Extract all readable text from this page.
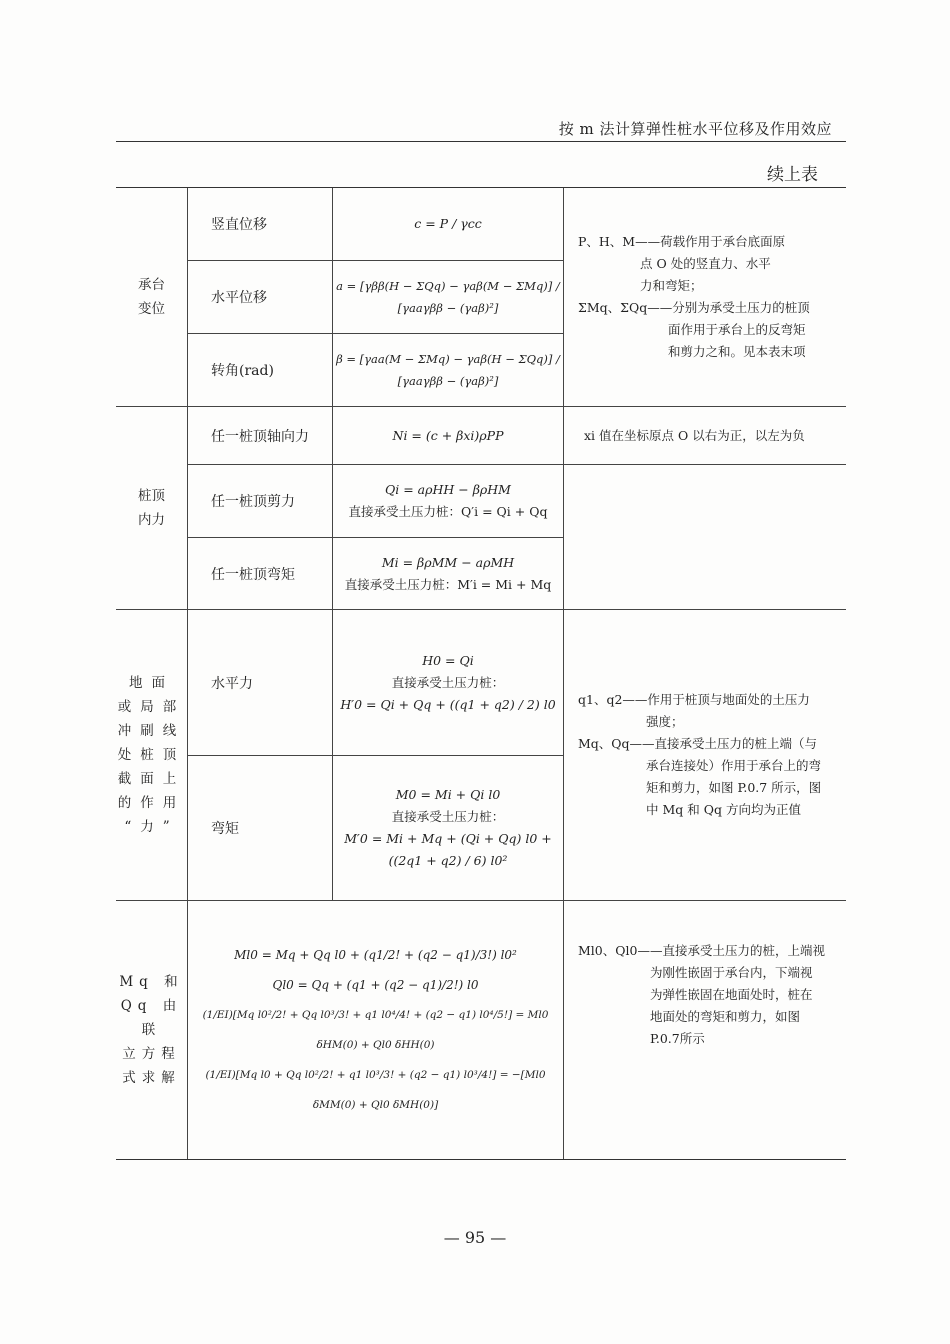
按 m 法计算弹性桩水平位移及作用效应
续上表
承台
变位
竖直位移	c = P / γcc
水平位移
a = [γββ(H − ΣQq) − γaβ(M − ΣMq)] / [γaaγββ − (γaβ)²]
转角(rad)
β = [γaa(M − ΣMq) − γaβ(H − ΣQq)] / [γaaγββ − (γaβ)²]
P、H、M——荷载作用于承台底面原
点 O 处的竖直力、水平
力和弯矩；
ΣMq、ΣQq——分别为承受土压力的桩顶
面作用于承台上的反弯矩
和剪力之和。见本表末项
桩顶
内力
任一桩顶轴向力	Ni = (c + βxi)ρPP
任一桩顶剪力
Qi = aρHH − βρHM
直接承受土压力桩：Q′i = Qi + Qq
任一桩顶弯矩
Mi = βρMM − aρMH
直接承受土压力桩：M′i = Mi + Mq
xi 值在坐标原点 O 以右为正，以左为负
地面
或局部
冲刷线
处桩顶
截面上
的作用
“力”
水平力
H0 = Qi
直接承受土压力桩：
H′0 = Qi + Qq + ((q1 + q2) / 2) l0
弯矩
M0 = Mi + Qi l0
直接承受土压力桩：
M′0 = Mi + Mq + (Qi + Qq) l0 +
((2q1 + q2) / 6) l0²
q1、q2——作用于桩顶与地面处的土压力
强度；
Mq、Qq——直接承受土压力的桩上端（与
承台连接处）作用于承台上的弯
矩和剪力，如图 P.0.7 所示，图
中 Mq 和 Qq 方向均为正值
Mq 和
Qq 由联
立方程
式求解
Ml0 = Mq + Qq l0 + (q1/2! + (q2 − q1)/3!) l0²
Ql0 = Qq + (q1 + (q2 − q1)/2!) l0
(1/EI)[Mq l0²/2! + Qq l0³/3! + q1 l0⁴/4! + (q2 − q1) l0⁴/5!] = Ml0 δHM(0) + Ql0 δHH(0)
(1/EI)[Mq l0 + Qq l0²/2! + q1 l0³/3! + (q2 − q1) l0³/4!] = −[Ml0 δMM(0) + Ql0 δMH(0)]
Ml0、Ql0——直接承受土压力的桩，上端视
为刚性嵌固于承台内，下端视
为弹性嵌固在地面处时，桩在
地面处的弯矩和剪力，如图
P.0.7所示
— 95 —
